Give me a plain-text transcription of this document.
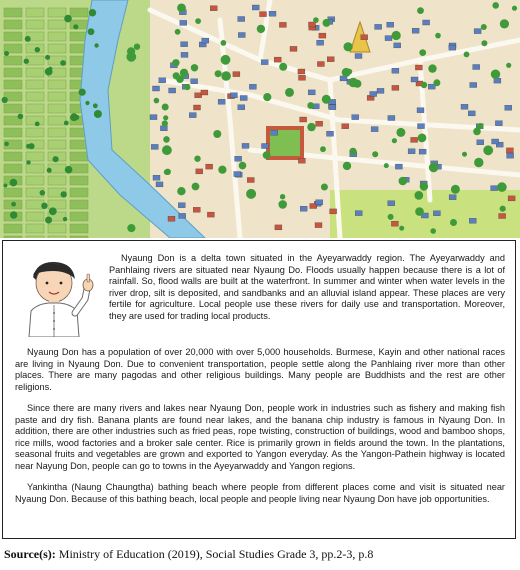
Nyaung Don is a delta town situated in the Ayeyarwaddy region. The Ayeyarwaddy and Panhlaing rivers are situated near Nyaung Do. Floods usually happen because there is a lot of rainfall. So, flood walls are built at the waterfront. In summer and winter when water levels in the river drop, silt is deposited, and sandbanks and an alluvial island appear. These places are very fertile for agriculture. Local people use these rivers for daily use and transportation. Moreover, they are used for trading local products.

Nyaung Don has a population of over 20,000 with over 5,000 households. Burmese, Kayin and other national races are living in Nyaung Don. Due to convenient transportation, people settle along the Panhlaing river more than other places. There are many pagodas and other religious buildings. Many people are Buddhists and the rest are other religions.

Since there are many rivers and lakes near Nyaung Don, people work in industries such as fishery and making fish paste and dry fish. Banana plants are found near lakes, and the banana chip industry is famous in Nyaung Don. In addition, there are other industries such as fried peas, rope twisting, construction of buildings, wood and bamboo shops, rice mills, wood factories and a broker sale center. Rice is primarily grown in fields around the town. In the plantations, seasonal fruits and vegetables are grown and exported to Yangon everyday. As the Yangon-Pathein highway is located near Nayung Don, people can go to towns in the Ayeyarwaddy and Yangon regions.

Yankintha (Naung Chaungtha) bathing beach where people from different places come and visit is situated near Nyaung Don. Because of this bathing beach, local people and people living near Nyaung Don have job opportunities.

Source(s): Ministry of Education (2019), Social Studies Grade 3, pp.2-3, p.8
